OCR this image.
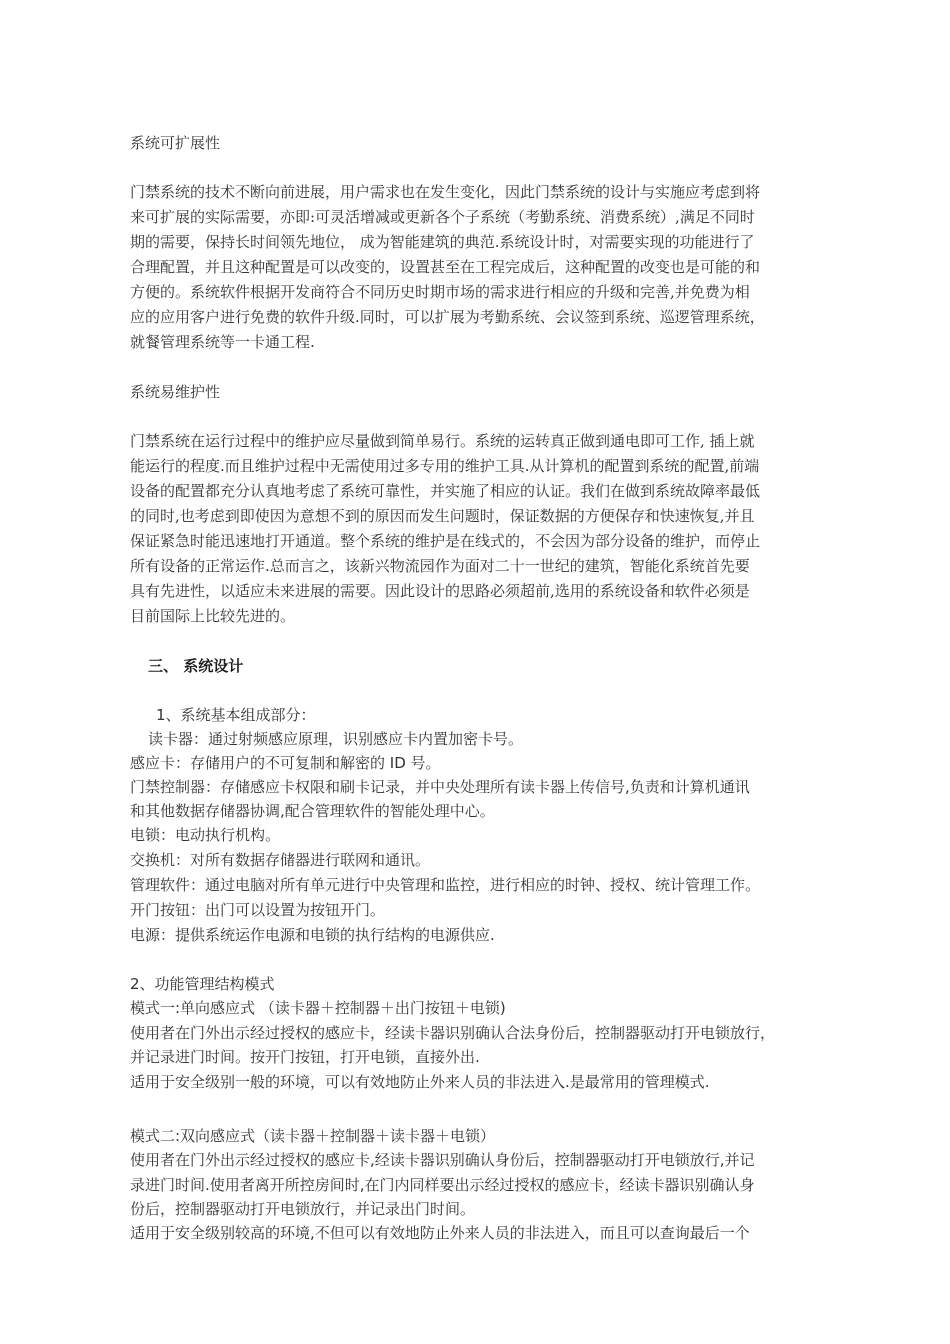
系统可扩展性
门禁系统的技术不断向前进展，用户需求也在发生变化，因此门禁系统的设计与实施应考虑到将
来可扩展的实际需要，亦即:可灵活增减或更新各个子系统（考勤系统、消费系统）,满足不同时
期的需要，保持长时间领先地位， 成为智能建筑的典范.系统设计时，对需要实现的功能进行了
合理配置，并且这种配置是可以改变的，设置甚至在工程完成后，这种配置的改变也是可能的和
方便的。系统软件根据开发商符合不同历史时期市场的需求进行相应的升级和完善,并免费为相
应的应用客户进行免费的软件升级.同时，可以扩展为考勤系统、会议签到系统、巡逻管理系统，
就餐管理系统等一卡通工程.
系统易维护性
门禁系统在运行过程中的维护应尽量做到简单易行。系统的运转真正做到通电即可工作, 插上就
能运行的程度.而且维护过程中无需使用过多专用的维护工具.从计算机的配置到系统的配置,前端
设备的配置都充分认真地考虑了系统可靠性，并实施了相应的认证。我们在做到系统故障率最低
的同时,也考虑到即使因为意想不到的原因而发生问题时，保证数据的方便保存和快速恢复,并且
保证紧急时能迅速地打开通道。整个系统的维护是在线式的，不会因为部分设备的维护，而停止
所有设备的正常运作.总而言之，该新兴物流园作为面对二十一世纪的建筑，智能化系统首先要
具有先进性，以适应未来进展的需要。因此设计的思路必须超前,选用的系统设备和软件必须是
目前国际上比较先进的。
三、 系统设计
1、系统基本组成部分：
读卡器：通过射频感应原理，识别感应卡内置加密卡号。
感应卡：存储用户的不可复制和解密的 ID 号。
门禁控制器：存储感应卡权限和刷卡记录，并中央处理所有读卡器上传信号,负责和计算机通讯
和其他数据存储器协调,配合管理软件的智能处理中心。
电锁：电动执行机构。
交换机：对所有数据存储器进行联网和通讯。
管理软件：通过电脑对所有单元进行中央管理和监控，进行相应的时钟、授权、统计管理工作。
开门按钮：出门可以设置为按钮开门。
电源：提供系统运作电源和电锁的执行结构的电源供应.
2、功能管理结构模式
模式一:单向感应式 （读卡器＋控制器＋出门按钮＋电锁)
使用者在门外出示经过授权的感应卡，经读卡器识别确认合法身份后，控制器驱动打开电锁放行，
并记录进门时间。按开门按钮，打开电锁，直接外出.
适用于安全级别一般的环境，可以有效地防止外来人员的非法进入.是最常用的管理模式.
模式二:双向感应式（读卡器＋控制器＋读卡器＋电锁）
使用者在门外出示经过授权的感应卡,经读卡器识别确认身份后，控制器驱动打开电锁放行,并记
录进门时间.使用者离开所控房间时,在门内同样要出示经过授权的感应卡，经读卡器识别确认身
份后，控制器驱动打开电锁放行，并记录出门时间。
适用于安全级别较高的环境,不但可以有效地防止外来人员的非法进入，而且可以查询最后一个
